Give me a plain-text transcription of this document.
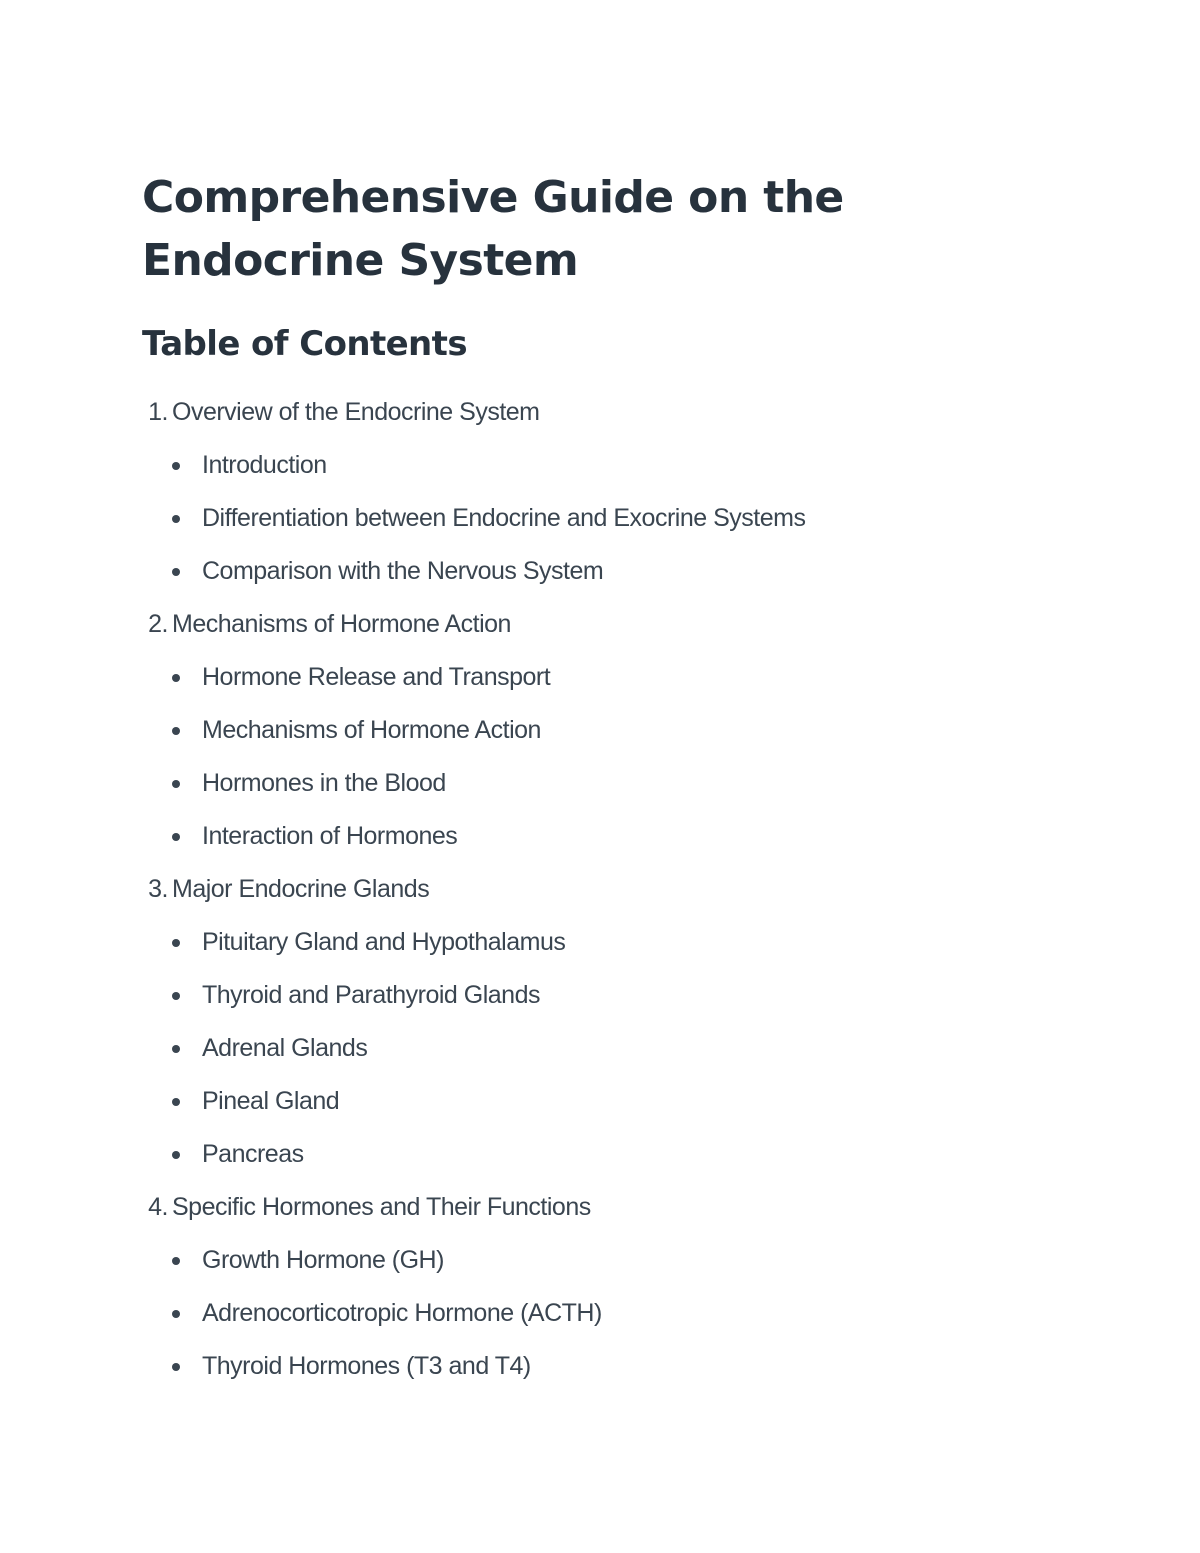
Comprehensive Guide on the Endocrine System
Table of Contents
1. Overview of the Endocrine System
Introduction
Differentiation between Endocrine and Exocrine Systems
Comparison with the Nervous System
2. Mechanisms of Hormone Action
Hormone Release and Transport
Mechanisms of Hormone Action
Hormones in the Blood
Interaction of Hormones
3. Major Endocrine Glands
Pituitary Gland and Hypothalamus
Thyroid and Parathyroid Glands
Adrenal Glands
Pineal Gland
Pancreas
4. Specific Hormones and Their Functions
Growth Hormone (GH)
Adrenocorticotropic Hormone (ACTH)
Thyroid Hormones (T3 and T4)
